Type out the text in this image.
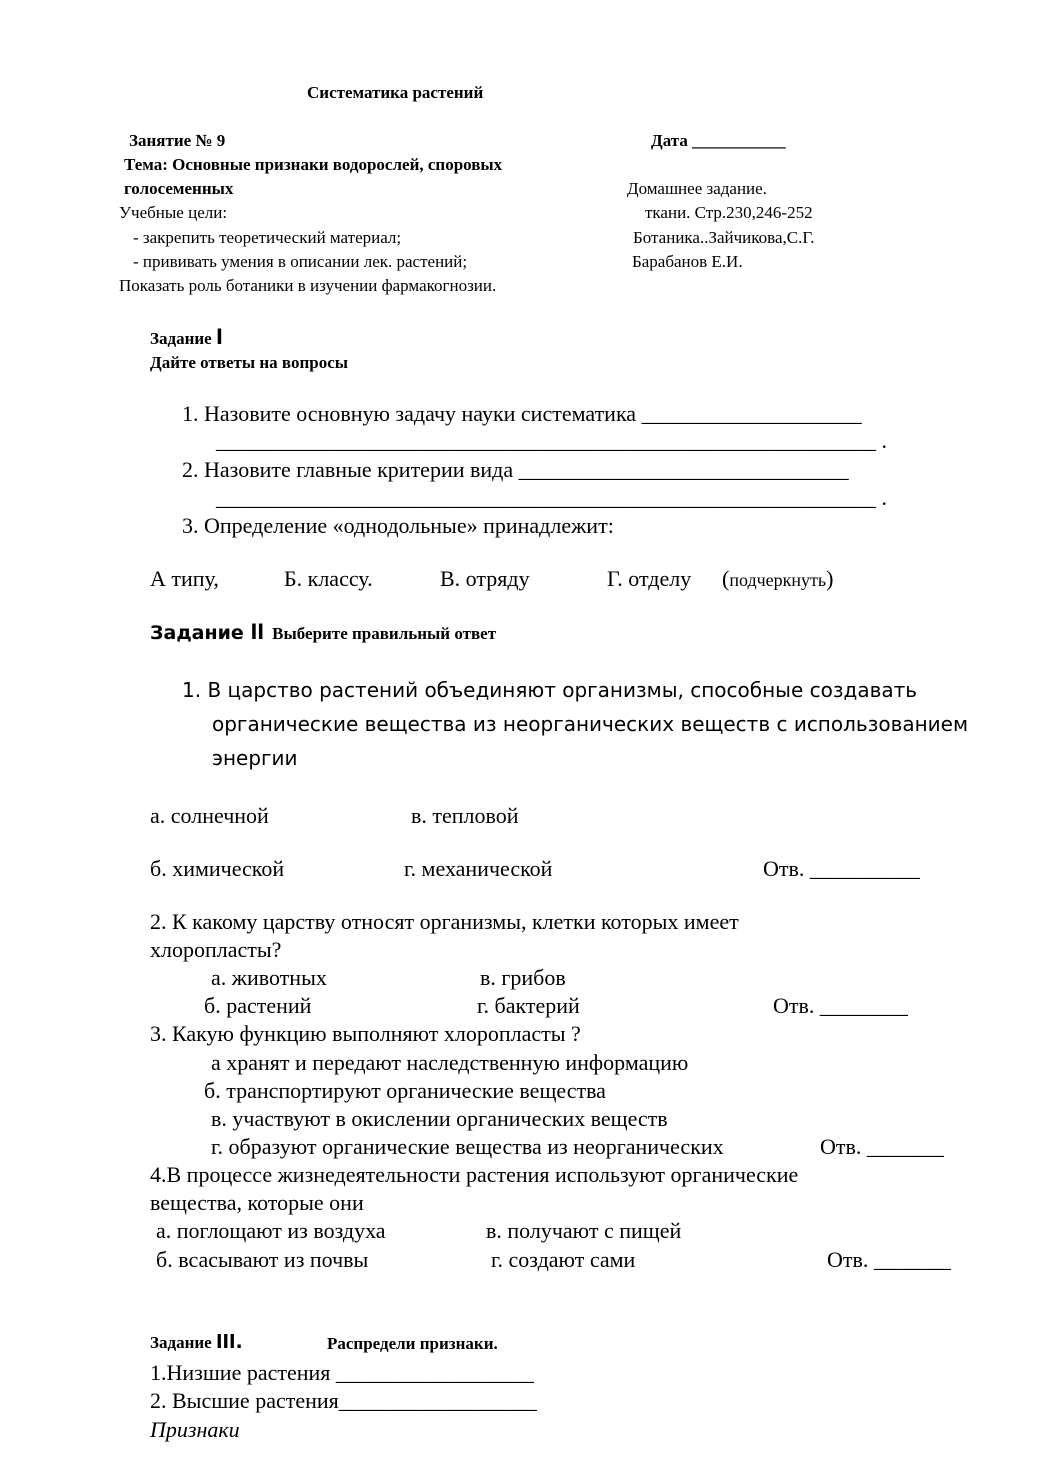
Систематика растений
Занятие № 9	Дата ___________
Тема: Основные признаки водорослей, споровых
голосеменных	Домашнее задание.
Учебные цели:	ткани. Стр.230,246-252
- закрепить теоретический материал;	Ботаника..Зайчикова,С.Г.
- прививать умения в описании лек. растений;	Барабанов Е.И.
Показать роль ботаники в изучении фармакогнозии.
Задание l
Дайте ответы на вопросы
1. Назовите основную задачу науки систематика ____________________
____________________________________________________________ .
2. Назовите главные критерии вида ______________________________
____________________________________________________________ .
3. Определение «однодольные» принадлежит:
А типу,	Б. классу.	В. отряду	Г. отделу (подчеркнуть)
Задание ll Выберите правильный ответ
1. В царство растений объединяют организмы, способные создавать
органические вещества из неорганических веществ с использованием
энергии
а. солнечной	в. тепловой
б. химической	г. механической	Отв. __________
2. К какому царству относят организмы, клетки которых имеет
хлоропласты?
а. животных	в. грибов
б. растений	г. бактерий	Отв. ________
3. Какую функцию выполняют хлоропласты ?
а хранят и передают наследственную информацию
б. транспортируют органические вещества
в. участвуют в окислении органических веществ
г. образуют органические вещества из неорганических	Отв. _______
4.В процессе жизнедеятельности растения используют органические
вещества, которые они
а. поглощают из воздуха	в. получают с пищей
б. всасывают из почвы	г. создают сами	Отв. _______
Задание lll.	Распредели признаки.
1.Низшие растения __________________
2. Высшие растения__________________
Признаки
